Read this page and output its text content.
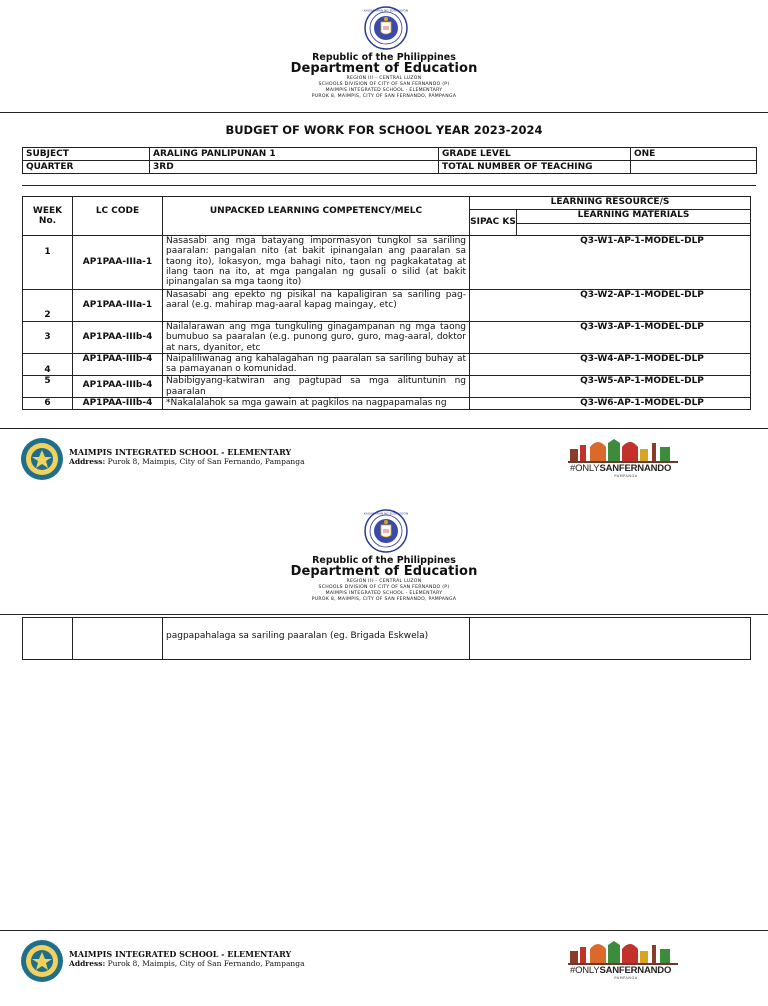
KAGAWARAN NG EDUKASYON
Republic of the Philippines
Department of Education
REGION III – CENTRAL LUZON
SCHOOLS DIVISION OF CITY OF SAN FERNANDO (P)
MAIMPIS INTEGRATED SCHOOL - ELEMENTARY
PUROK 8, MAIMPIS, CITY OF SAN FERNANDO, PAMPANGA
BUDGET OF WORK FOR SCHOOL YEAR 2023-2024
SUBJECT	ARALING PANLIPUNAN 1	GRADE LEVEL	ONE
QUARTER	3RD	TOTAL NUMBER OF TEACHING	
WEEK No.	LC CODE	UNPACKED LEARNING COMPETENCY/MELC	LEARNING RESOURCE/S	
			SIPAC KS	LEARNING MATERIALS

1	AP1PAA-IIIa-1	Nasasabi ang mga batayang impormasyon tungkol sa sariling paaralan: pangalan nito (at bakit ipinangalan ang paaralan sa taong ito), lokasyon, mga bahagi nito, taon ng pagkakatatag at ilang taon na ito, at mga pangalan ng gusali o silid (at bakit ipinangalan sa mga taong ito)	Q3-W1-AP-1-MODEL-DLP	
2	AP1PAA-IIIa-1	Nasasabi ang epekto ng pisikal na kapaligiran sa sariling pag-aaral (e.g. mahirap mag-aaral kapag maingay, etc)	Q3-W2-AP-1-MODEL-DLP	
3	AP1PAA-IIIb-4	Nailalarawan ang mga tungkuling ginagampanan ng mga taong bumubuo sa paaralan (e.g. punong guro, guro, mag-aaral, doktor at nars, dyanitor, etc	Q3-W3-AP-1-MODEL-DLP	
4	AP1PAA-IIIb-4	Naipaliliwanag ang kahalagahan ng paaralan sa sariling buhay at sa pamayanan o komunidad.	Q3-W4-AP-1-MODEL-DLP	
5	AP1PAA-IIIb-4	Nabibigyang-katwiran ang pagtupad sa mga alituntunin ng paaralan	Q3-W5-AP-1-MODEL-DLP	
6	AP1PAA-IIIb-4	*Nakalalahok sa mga gawain at pagkilos na nagpapamalas ng	Q3-W6-AP-1-MODEL-DLP	
MAIMPIS INTEGRATED SCHOOL - ELEMENTARY
Address: Purok 8, Maimpis, City of San Fernando, Pampanga
#ONLYSANFERNANDO
PAMPANGA
KAGAWARAN NG EDUKASYON
Republic of the Philippines
Department of Education
REGION III – CENTRAL LUZON
SCHOOLS DIVISION OF CITY OF SAN FERNANDO (P)
MAIMPIS INTEGRATED SCHOOL - ELEMENTARY
PUROK 8, MAIMPIS, CITY OF SAN FERNANDO, PAMPANGA
		pagpapahalaga sa sariling paaralan (eg. Brigada Eskwela)	
MAIMPIS INTEGRATED SCHOOL - ELEMENTARY
Address: Purok 8, Maimpis, City of San Fernando, Pampanga
#ONLYSANFERNANDO
PAMPANGA
